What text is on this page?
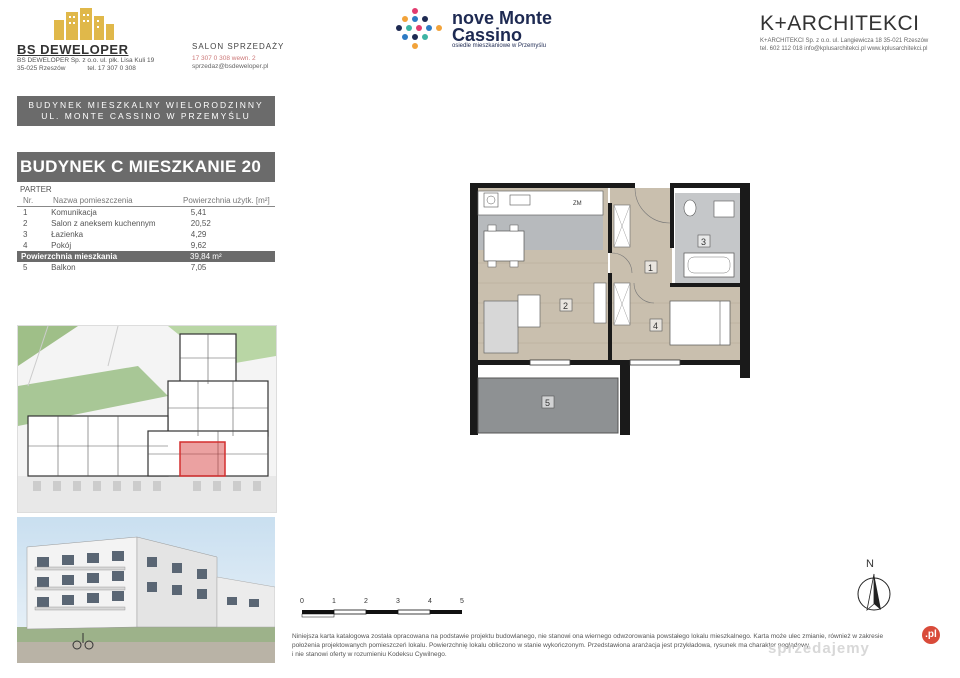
BS DEWELOPER
BS DEWELOPER Sp. z o.o. ul. płk. Lisa Kuli 19
35-025 Rzeszów	tel. 17 307 0 308
SALON SPRZEDAŻY
17 307 0 308 wewn. 2
sprzedaz@bsdeweloper.pl
nove Monte
Cassino
osiedle mieszkaniowe w Przemyślu
K+ARCHITEKCI
K+ARCHITEKCI Sp. z o.o. ul. Langiewicza 18 35-021 Rzeszów
tel. 602 112 018 info@kplusarchitekci.pl www.kplusarchitekci.pl
BUDYNEK MIESZKALNY WIELORODZINNY
UL. MONTE CASSINO W PRZEMYŚLU
BUDYNEK C MIESZKANIE 20
PARTER
Nr.	Nazwa pomieszczenia	Powierzchnia użytk. [m²]
1	Komunikacja	5,41
2	Salon z aneksem kuchennym	20,52
3	Łazienka	4,29
4	Pokój	9,62
Powierzchnia mieszkania	39,84 m²
5	Balkon	7,05
ZM
1
2
3
4
5
N
0	1	2	3	4	5
Niniejsza karta katalogowa została opracowana na podstawie projektu budowlanego, nie stanowi ona wiernego odwzorowania powstałego lokalu mieszkalnego. Karta może ulec zmianie, również w zakresie
położenia projektowanych pomieszczeń lokalu. Powierzchnię lokalu obliczono w stanie wykończonym. Przedstawiona aranżacja jest przykładowa, rysunek ma charakter poglądowy
i nie stanowi oferty w rozumieniu Kodeksu Cywilnego.	sprzedajemy
.pl
